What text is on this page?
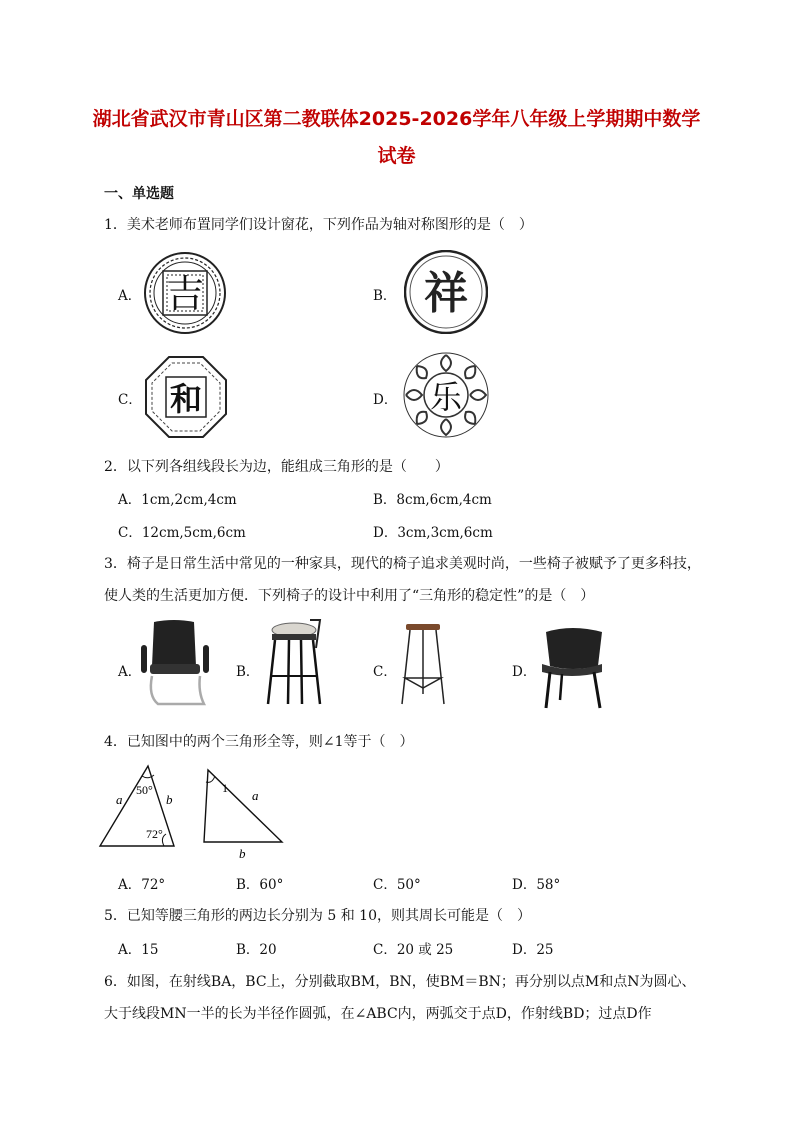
湖北省武汉市青山区第二教联体2025-2026学年八年级上学期期中数学
试卷
一、单选题
1．美术老师布置同学们设计窗花，下列作品为轴对称图形的是（　）
A． 吉	B． 祥
C． 和	D． 乐
2．以下列各组线段长为边，能组成三角形的是（　　）
A．1cm,2cm,4cm	B．8cm,6cm,4cm
C．12cm,5cm,6cm	D．3cm,3cm,6cm
3．椅子是日常生活中常见的一种家具，现代的椅子追求美观时尚，一些椅子被赋予了更多科技，
使人类的生活更加方便．下列椅子的设计中利用了“三角形的稳定性”的是（　）
A．	B．	C．	D．
4．已知图中的两个三角形全等，则∠1等于（　）
a	b
50°
72°
1 a
b
A．72°	B．60°	C．50°	D．58°
5．已知等腰三角形的两边长分别为 5 和 10，则其周长可能是（　）
A．15	B．20	C．20 或 25	D．25
6．如图，在射线BA，BC上，分别截取BM，BN，使BM＝BN；再分别以点M和点N为圆心、
大于线段MN一半的长为半径作圆弧，在∠ABC内，两弧交于点D，作射线BD；过点D作
